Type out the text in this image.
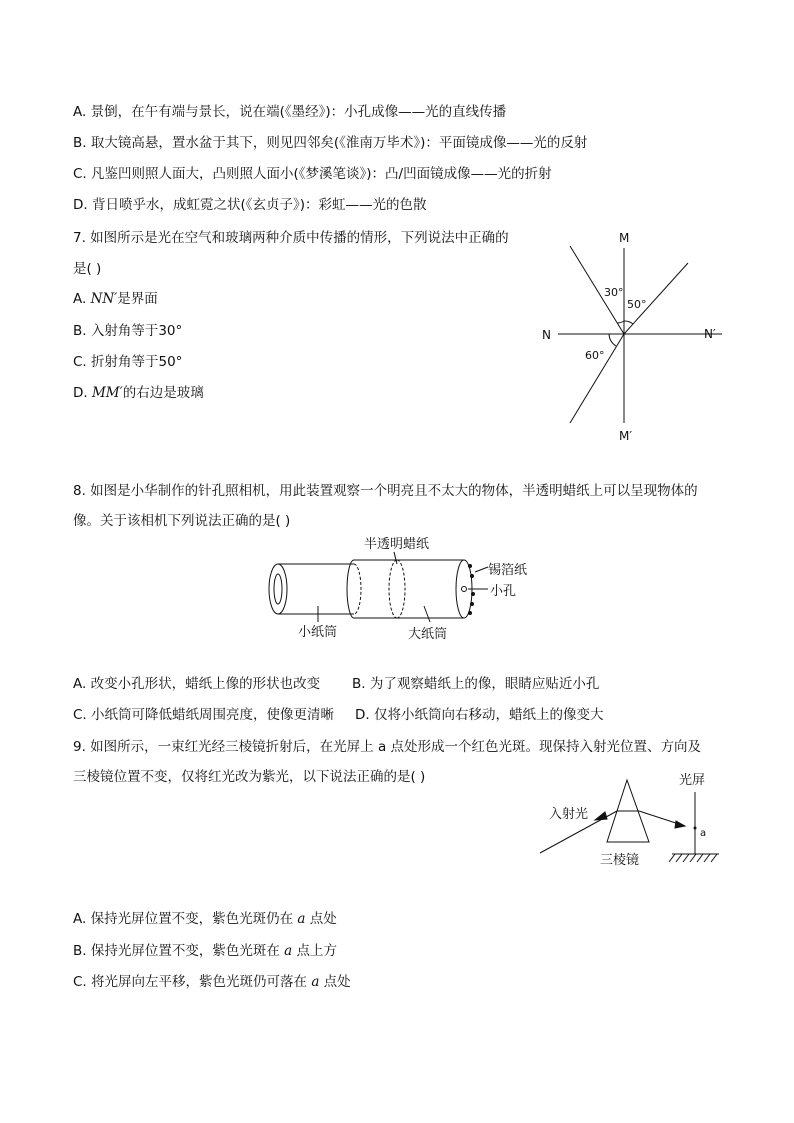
A. 景倒，在午有端与景长，说在端(《墨经》)：小孔成像——光的直线传播
B. 取大镜高悬，置水盆于其下，则见四邻矣(《淮南万毕术》)：平面镜成像——光的反射
C. 凡鉴凹则照人面大，凸则照人面小(《梦溪笔谈》)：凸/凹面镜成像——光的折射
D. 背日喷乎水，成虹霓之状(《玄贞子》)：彩虹——光的色散
7. 如图所示是光在空气和玻璃两种介质中传播的情形，下列说法中正确的
是( )
A. NN′是界面
B. 入射角等于30°
C. 折射角等于50°
D. MM′的右边是玻璃
M
M′
N	N′
30°
50°
60°
8. 如图是小华制作的针孔照相机，用此装置观察一个明亮且不太大的物体，半透明蜡纸上可以呈现物体的
像。关于该相机下列说法正确的是( )
半透明蜡纸
锡箔纸
小孔
小纸筒	大纸筒
A. 改变小孔形状，蜡纸上像的形状也改变 B. 为了观察蜡纸上的像，眼睛应贴近小孔
C. 小纸筒可降低蜡纸周围亮度，使像更清晰 D. 仅将小纸筒向右移动，蜡纸上的像变大
9. 如图所示，一束红光经三棱镜折射后，在光屏上 a 点处形成一个红色光斑。现保持入射光位置、方向及
三棱镜位置不变，仅将红光改为紫光，以下说法正确的是( )	光屏
入射光
三棱镜
a
A. 保持光屏位置不变，紫色光斑仍在 a 点处
B. 保持光屏位置不变，紫色光斑在 a 点上方
C. 将光屏向左平移，紫色光斑仍可落在 a 点处
